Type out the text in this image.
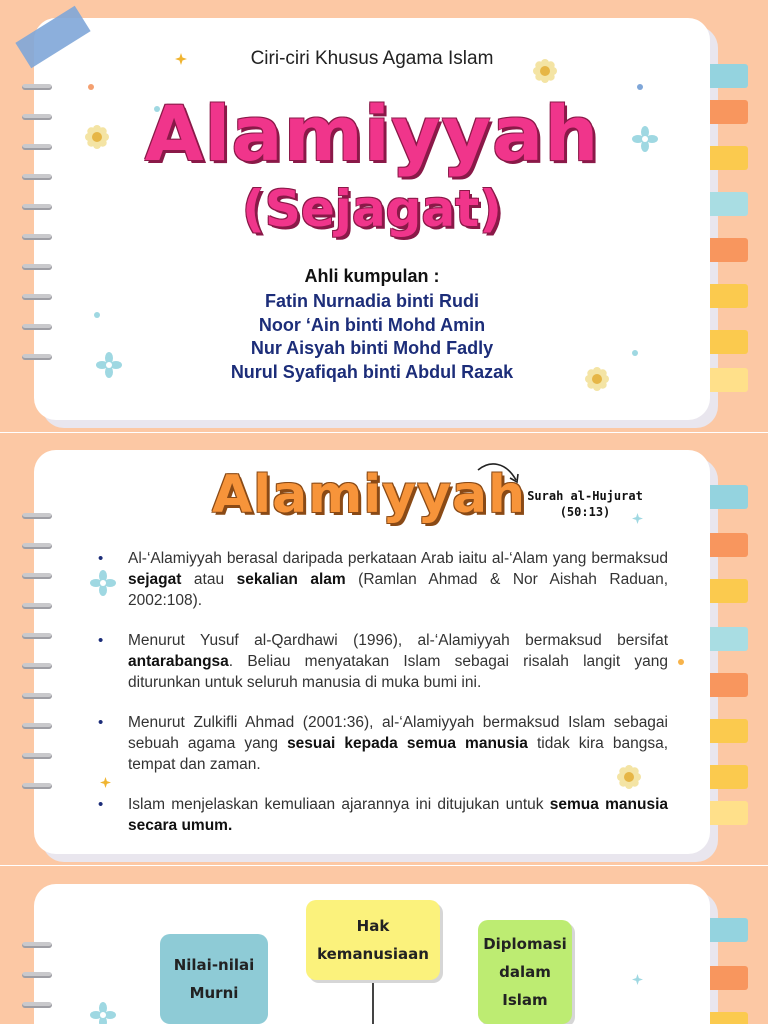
Ciri-ciri Khusus Agama Islam
Alamiyyah
(Sejagat)
Ahli kumpulan :
Fatin Nurnadia binti Rudi
Noor ‘Ain binti Mohd Amin
Nur Aisyah binti Mohd Fadly
Nurul Syafiqah binti Abdul Razak
Alamiyyah Surah al-Hujurat
(50:13)

• Al-‘Alamiyyah berasal daripada perkataan Arab iaitu al-‘Alam yang bermaksud sejagat atau sekalian alam (Ramlan Ahmad & Nor Aishah Raduan, 2002:108).

• Menurut Yusuf al-Qardhawi (1996), al-‘Alamiyyah bermaksud bersifat antarabangsa. Beliau menyatakan Islam sebagai risalah langit yang diturunkan untuk seluruh manusia di muka bumi ini.

• Menurut Zulkifli Ahmad (2001:36), al-‘Alamiyyah bermaksud Islam sebagai sebuah agama yang sesuai kepada semua manusia tidak kira bangsa, tempat dan zaman.

• Islam menjelaskan kemuliaan ajarannya ini ditujukan untuk semua manusia secara umum.

Hak
kemanusiaan
Nilai-nilai
Murni
Diplomasi
dalam
Islam
